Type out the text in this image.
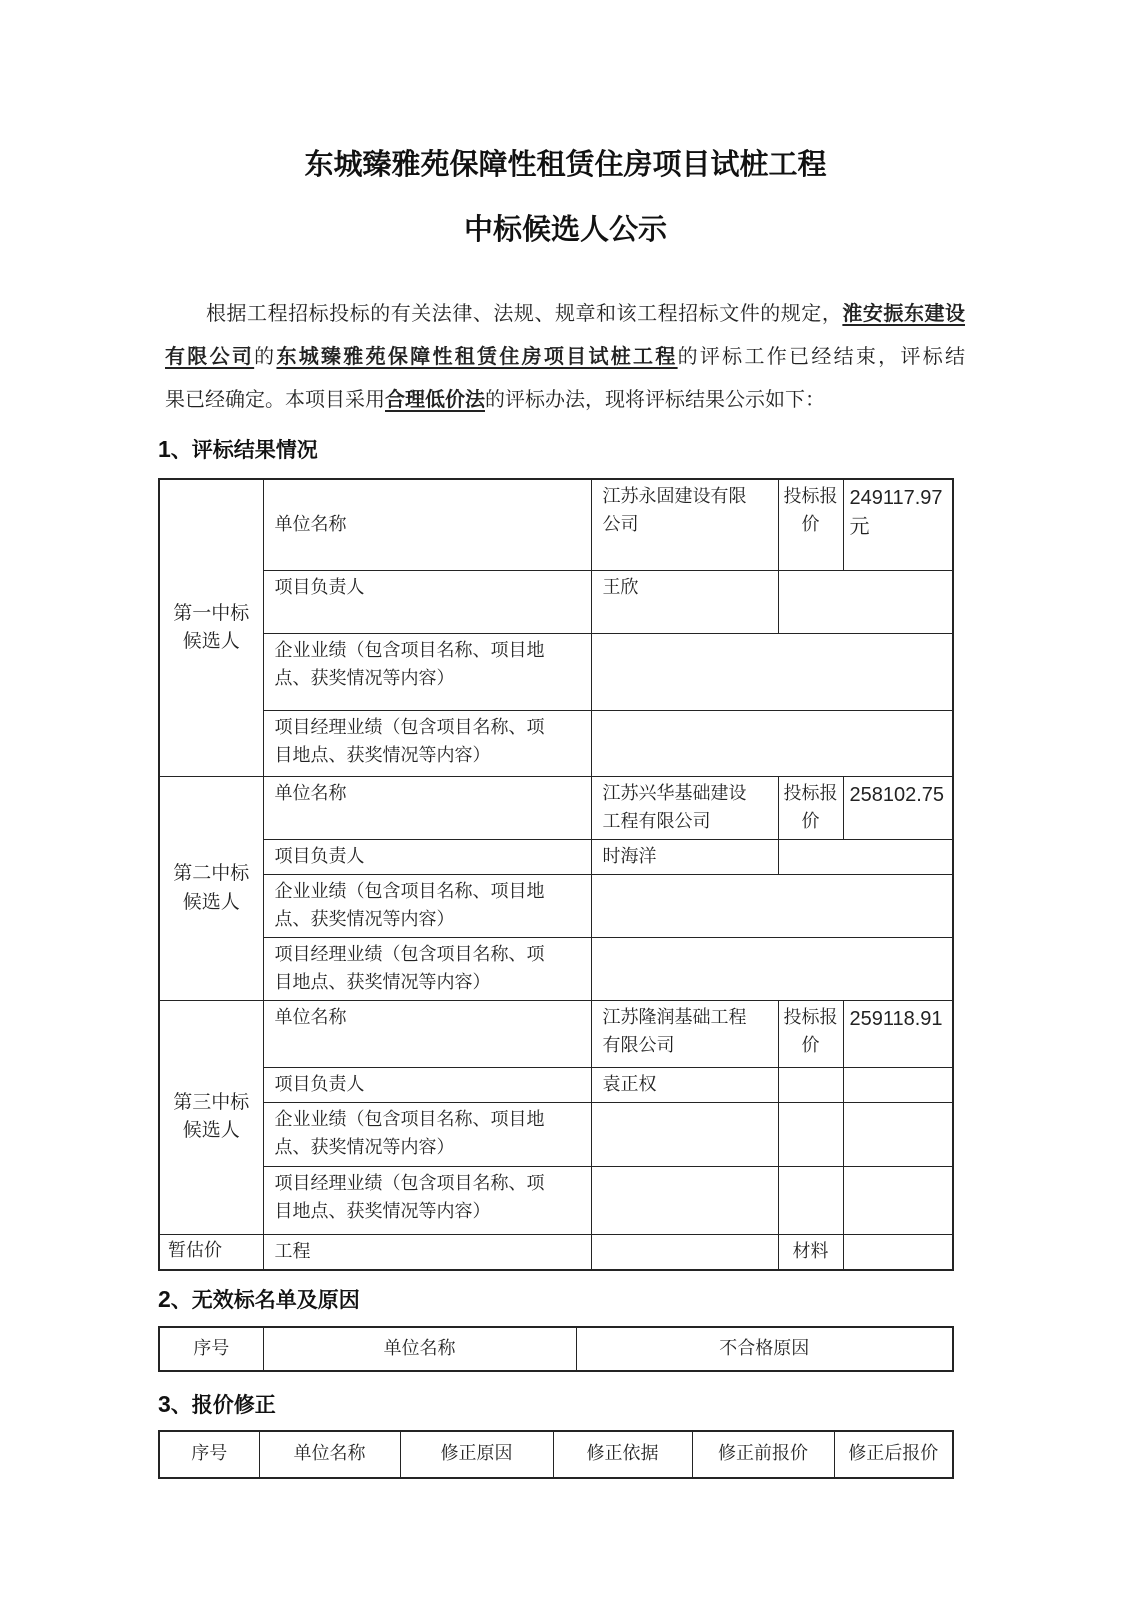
东城臻雅苑保障性租赁住房项目试桩工程
中标候选人公示
根据工程招标投标的有关法律、法规、规章和该工程招标文件的规定，淮安振东建设
有限公司的东城臻雅苑保障性租赁住房项目试桩工程的评标工作已经结束，评标结
果已经确定。本项目采用合理低价法的评标办法，现将评标结果公示如下：
1、评标结果情况
第一中标候选人	单位名称	江苏永固建设有限公司	投标报价	249117.97元
	项目负责人	王欣		
	企业业绩（包含项目名称、项目地点、获奖情况等内容）			
	项目经理业绩（包含项目名称、项目地点、获奖情况等内容）			
第二中标候选人	单位名称	江苏兴华基础建设工程有限公司	投标报价	258102.75
	项目负责人	时海洋		
	企业业绩（包含项目名称、项目地点、获奖情况等内容）			
	项目经理业绩（包含项目名称、项目地点、获奖情况等内容）			
第三中标候选人	单位名称	江苏隆润基础工程有限公司	投标报价	259118.91
	项目负责人	袁正权		
	企业业绩（包含项目名称、项目地点、获奖情况等内容）			
	项目经理业绩（包含项目名称、项目地点、获奖情况等内容）			
暂估价	工程		材料	
2、无效标名单及原因
序号	单位名称	不合格原因
3、报价修正
序号	单位名称	修正原因	修正依据	修正前报价	修正后报价
